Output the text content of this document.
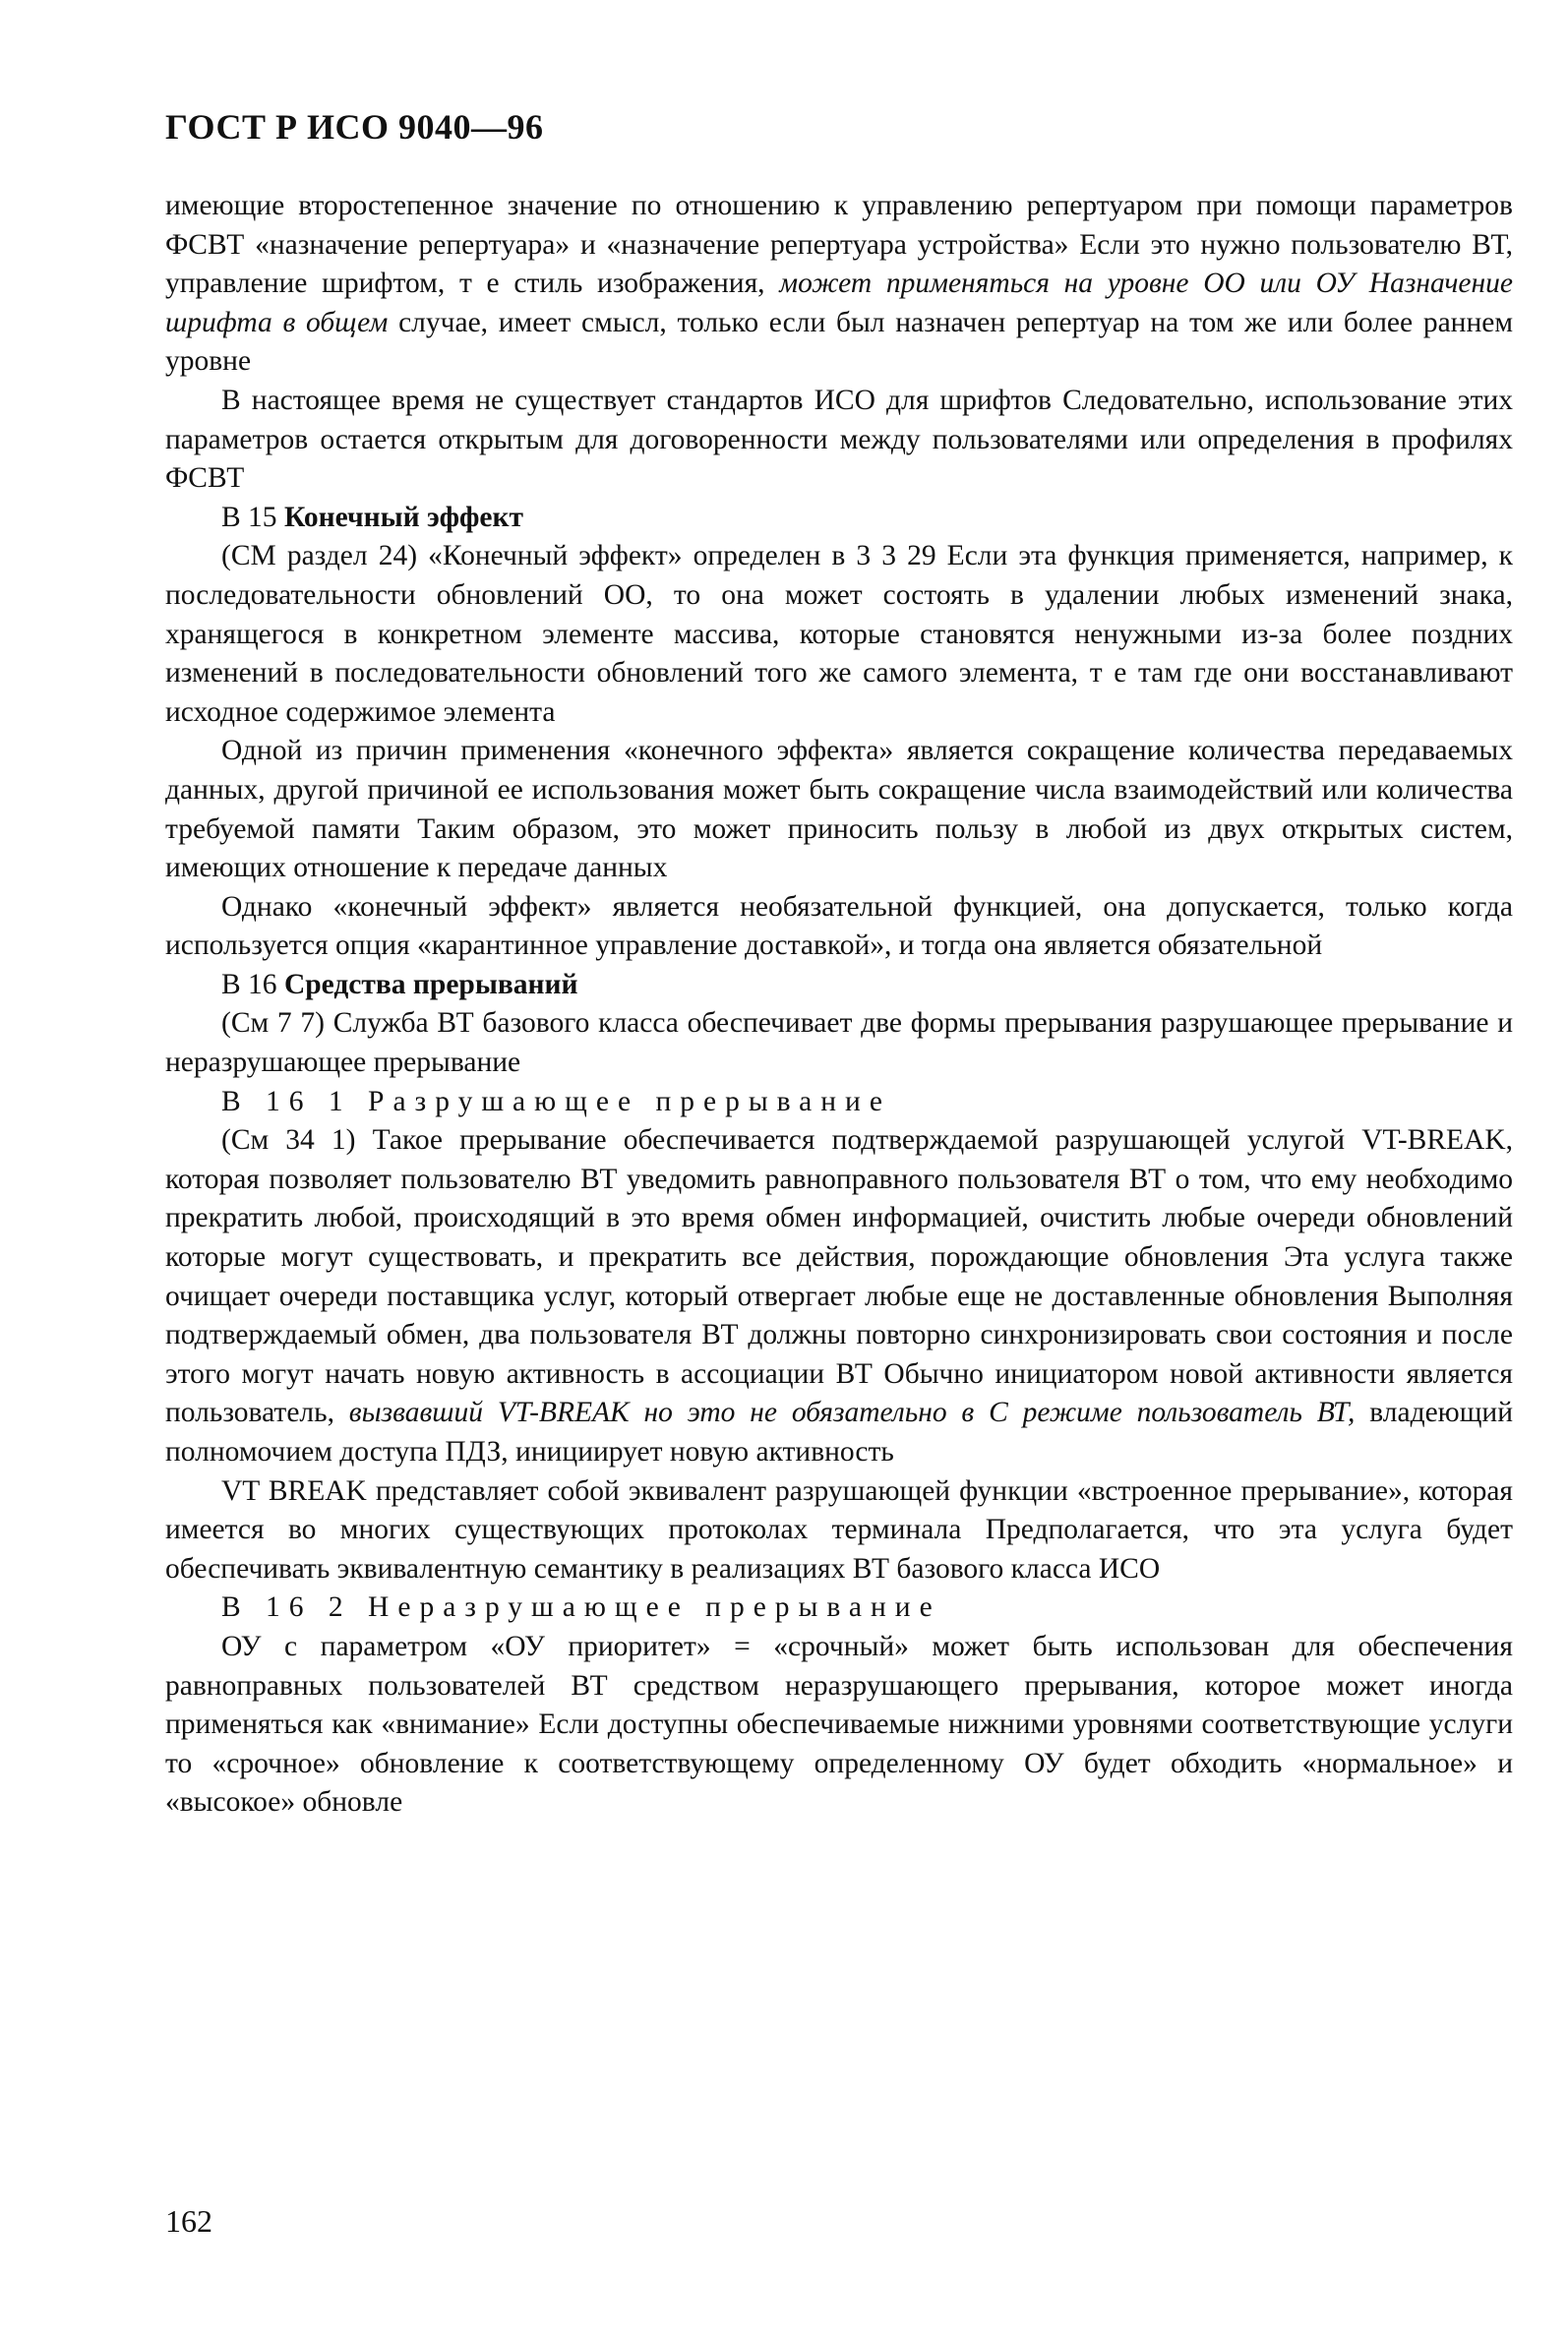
ГОСТ Р ИСО 9040—96

имеющие второстепенное значение по отношению к управлению репертуаром при помощи параметров ФСВТ «назначение репертуара» и «назначение репертуара устройства» Если это нужно пользователю ВТ, управление шрифтом, т е стиль изображения, может применяться на уровне ОО или ОУ Назначение шрифта в общем случае, имеет смысл, только если был назначен репертуар на том же или более раннем уровне

В настоящее время не существует стандартов ИСО для шрифтов Следовательно, использование этих параметров остается открытым для договоренности между пользователями или определения в профилях ФСВТ

В 15 Конечный эффект

(СМ раздел 24) «Конечный эффект» определен в 3 3 29 Если эта функция применяется, например, к последовательности обновлений ОО, то она может состоять в удалении любых изменений знака, хранящегося в конкретном элементе массива, которые становятся ненужными из-за более поздних изменений в последовательности обновлений того же самого элемента, т е там где они восстанавливают исходное содержимое элемента

Одной из причин применения «конечного эффекта» является сокращение количества передаваемых данных, другой причиной ее использования может быть сокращение числа взаимодействий или количества требуемой памяти Таким образом, это может приносить пользу в любой из двух открытых систем, имеющих отношение к передаче данных

Однако «конечный эффект» является необязательной функцией, она допускается, только когда используется опция «карантинное управление доставкой», и тогда она является обязательной

В 16 Средства прерываний

(См 7 7) Служба ВТ базового класса обеспечивает две формы прерывания разрушающее прерывание и неразрушающее прерывание

В 16 1 Разрушающее прерывание

(См 34 1) Такое прерывание обеспечивается подтверждаемой разрушающей услугой VT-BREAK, которая позволяет пользователю ВТ уведомить равноправного пользователя ВТ о том, что ему необходимо прекратить любой, происходящий в это время обмен информацией, очистить любые очереди обновлений которые могут существовать, и прекратить все действия, порождающие обновления Эта услуга также очищает очереди поставщика услуг, который отвергает любые еще не доставленные обновления Выполняя подтверждаемый обмен, два пользователя ВТ должны повторно синхронизировать свои состояния и после этого могут начать новую активность в ассоциации ВТ Обычно инициатором новой активности является пользователь, вызвавший VT-BREAK но это не обязательно в С режиме пользователь ВТ, владеющий полномочием доступа ПДЗ, инициирует новую активность

VT BREAK представляет собой эквивалент разрушающей функции «встроенное прерывание», которая имеется во многих существующих протоколах терминала Предполагается, что эта услуга будет обеспечивать эквивалентную семантику в реализациях ВТ базового класса ИСО

В 16 2 Неразрушающее прерывание

ОУ с параметром «ОУ приоритет» = «срочный» может быть использован для обеспечения равноправных пользователей ВТ средством неразрушающего прерывания, которое может иногда применяться как «внимание» Если доступны обеспечиваемые нижними уровнями соответствующие услуги то «срочное» обновление к соответствующему определенному ОУ будет обходить «нормальное» и «высокое» обновле

162
